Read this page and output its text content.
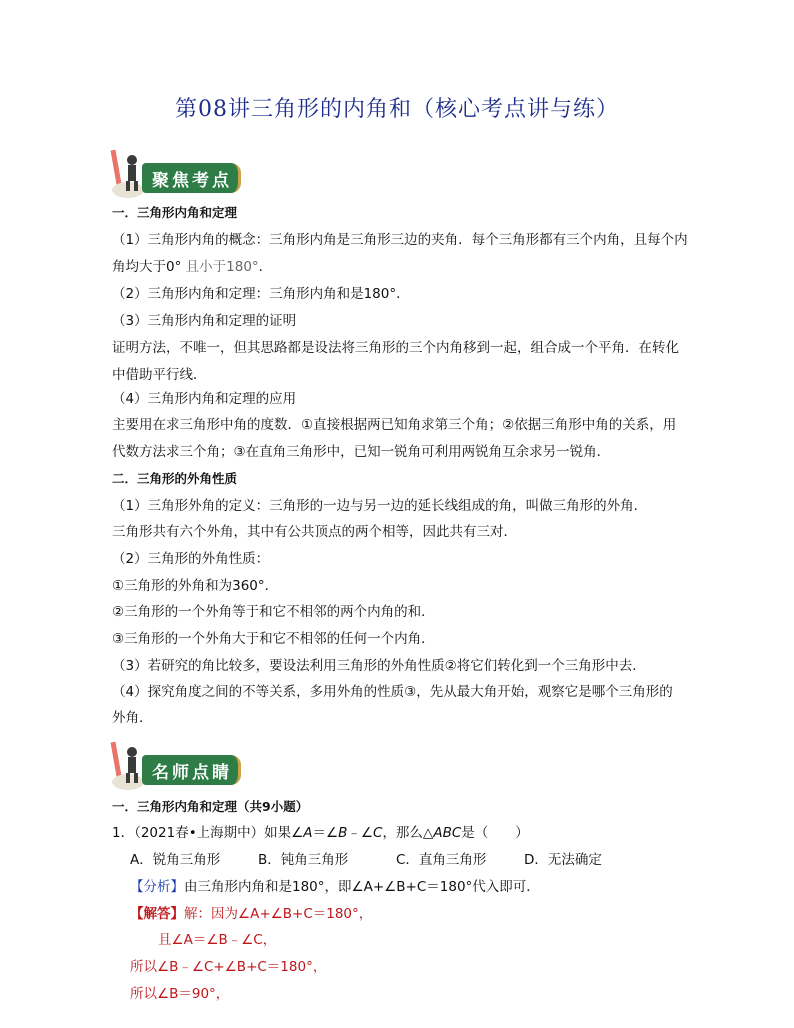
第08讲三角形的内角和（核心考点讲与练）
聚焦考点
一．三角形内角和定理
（1）三角形内角的概念：三角形内角是三角形三边的夹角．每个三角形都有三个内角，且每个内
角均大于0° 且小于180°．
（2）三角形内角和定理：三角形内角和是180°．
（3）三角形内角和定理的证明
证明方法，不唯一，但其思路都是设法将三角形的三个内角移到一起，组合成一个平角．在转化
中借助平行线．
（4）三角形内角和定理的应用
主要用在求三角形中角的度数．①直接根据两已知角求第三个角；②依据三角形中角的关系，用
代数方法求三个角；③在直角三角形中，已知一锐角可利用两锐角互余求另一锐角．
二．三角形的外角性质
（1）三角形外角的定义：三角形的一边与另一边的延长线组成的角，叫做三角形的外角．
三角形共有六个外角，其中有公共顶点的两个相等，因此共有三对．
（2）三角形的外角性质：
①三角形的外角和为360°．
②三角形的一个外角等于和它不相邻的两个内角的和．
③三角形的一个外角大于和它不相邻的任何一个内角．
（3）若研究的角比较多，要设法利用三角形的外角性质②将它们转化到一个三角形中去．
（4）探究角度之间的不等关系，多用外角的性质③，先从最大角开始，观察它是哪个三角形的
外角．
名师点睛
一．三角形内角和定理（共9小题）
1．（2021春•上海期中）如果∠A＝∠B﹣∠C，那么△ABC是（　　）
A．锐角三角形	B．钝角三角形	C．直角三角形	D．无法确定
【分析】由三角形内角和是180°，即∠A+∠B+C＝180°代入即可．
【解答】解：因为∠A+∠B+C＝180°，
且∠A＝∠B﹣∠C，
所以∠B﹣∠C+∠B+C＝180°，
所以∠B＝90°，
